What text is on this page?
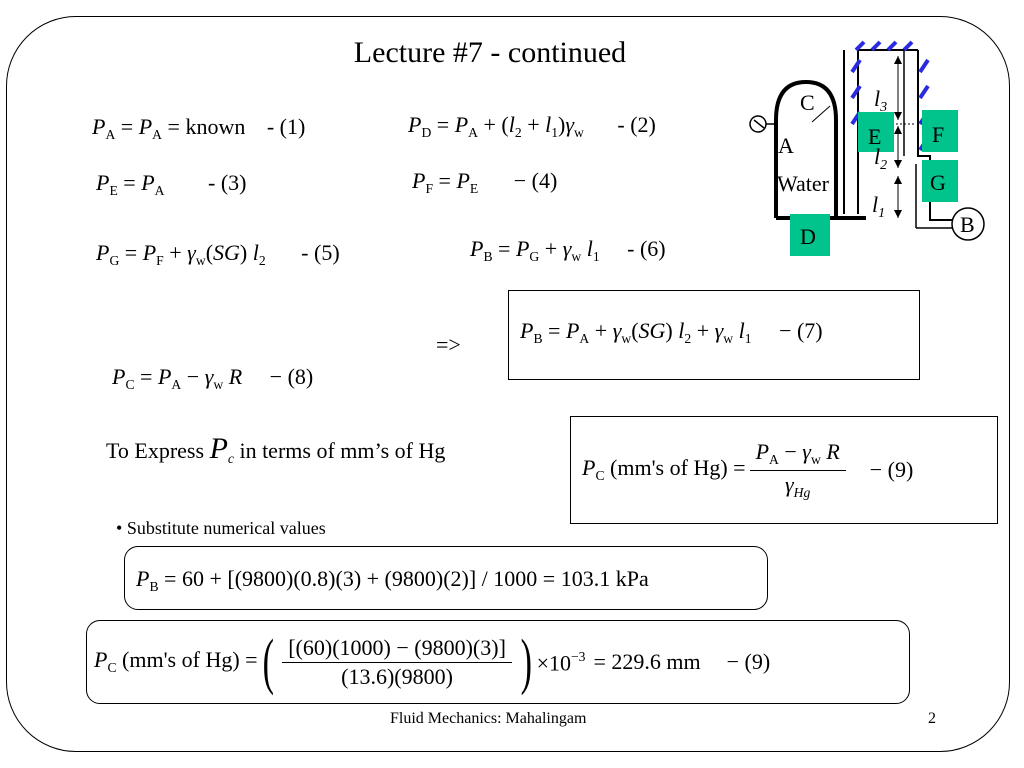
Lecture #7 - continued
$P_A = P_A$ = known - (1)	$P_D = P_A + (l_2 + l_1)\gamma_w - (2)$
$P_E = P_A - (3)$	$P_F = P_E - (4)$
$P_G = P_F + \gamma_w(SG)$ $l_2 - (5)$	$P_B = P_G + \gamma_w$ $l_1 - (6)$
$P_B = P_A + \gamma_w(SG) l_2 + \gamma_w$ $l_1 - (7)$
=>
$P_C = P_A - \gamma_w$ R − (8)
To Express $P_c$ in terms of mm’s of Hg
$P_C$ (mm's of $Hg) = \frac{P_A - \gamma_w R}{\gamma_{Hg}} - (9)$
• Substitute numerical values
$P_B = 60 + [(9800)(0.8)(3) + (9800)(2)] / 1000 = 103.1$ kPa
$P_C$ (mm's of Hg) = ( $\frac{[(60)(1000) - (9800)(3)]}{(13.6)(9800)}$ ) $\times 10^{-3} = 229.6$ mm − (9)
Fluid Mechanics: Mahalingam	2
C
A
Water
D
E F
G
B
$l_3$
$l_2$
$l_1$
